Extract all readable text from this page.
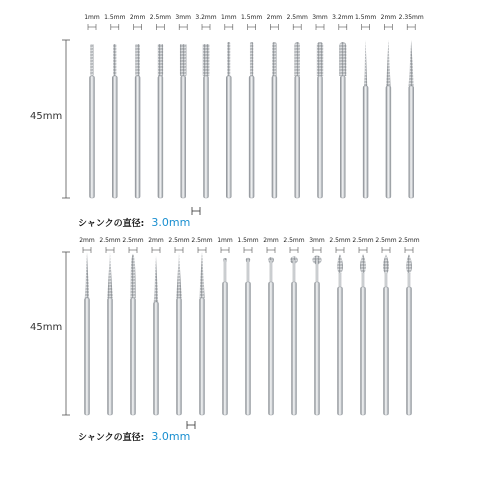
45mm
シャンクの直径: 3.0mm
45mm
シャンクの直径: 3.0mm
1mm 1.5mm 2mm 2.5mm 3mm 3.2mm 1mm 1.5mm 2mm 2.5mm 3mm 3.2mm 1.5mm 2mm 2.35mm
2mm 2.5mm 2.5mm 2mm 2.5mm 2.5mm 1mm 1.5mm 2mm 2.5mm 3mm 2.5mm 2.5mm 2.5mm 2.5mm
